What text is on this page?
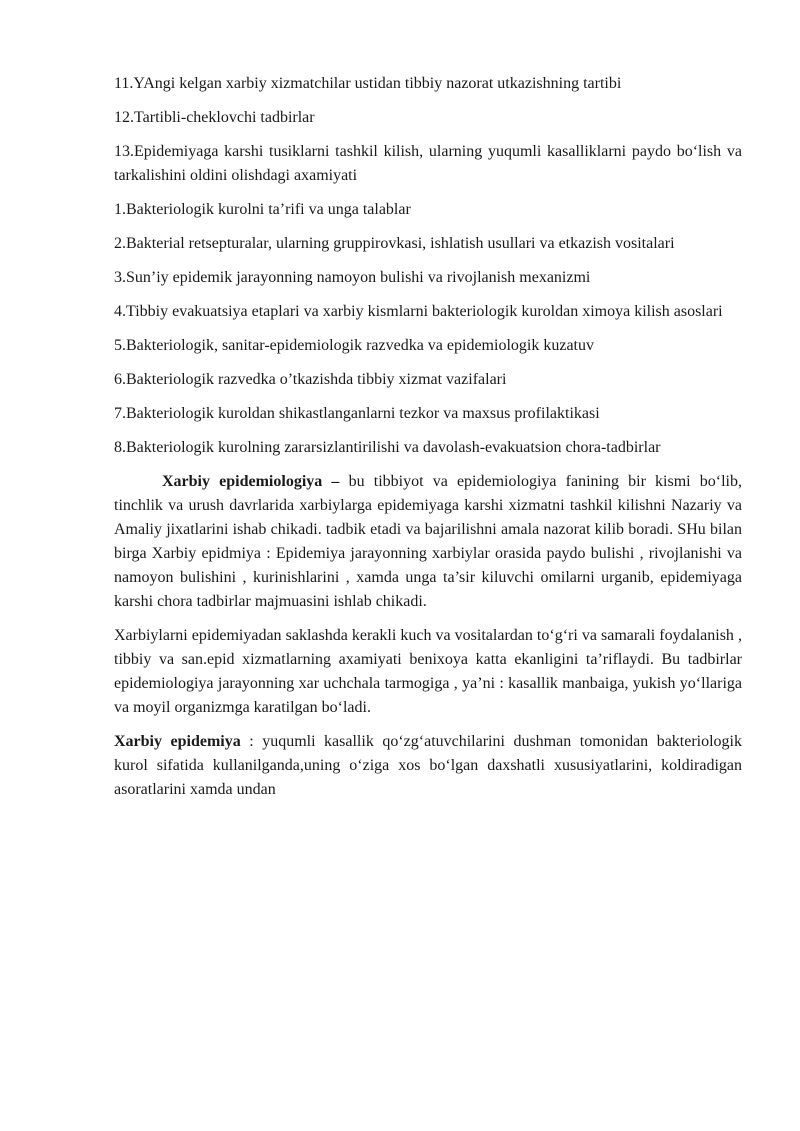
11.YAngi kelgan xarbiy xizmatchilar ustidan tibbiy nazorat utkazishning tartibi

12.Tartibli-cheklovchi tadbirlar

13.Epidemiyaga karshi tusiklarni tashkil kilish, ularning yuqumli kasalliklarni paydo bo‘lish va tarkalishini oldini olishdagi axamiyati

1.Bakteriologik kurolni ta’rifi va unga talablar

2.Bakterial retsepturalar, ularning gruppirovkasi, ishlatish usullari va etkazish vositalari

3.Sun’iy epidemik jarayonning namoyon bulishi va rivojlanish mexanizmi

4.Tibbiy evakuatsiya etaplari va xarbiy kismlarni bakteriologik kuroldan ximoya kilish asoslari

5.Bakteriologik, sanitar-epidemiologik razvedka va epidemiologik kuzatuv

6.Bakteriologik razvedka o’tkazishda tibbiy xizmat vazifalari

7.Bakteriologik kuroldan shikastlanganlarni tezkor va maxsus profilaktikasi

8.Bakteriologik kurolning zararsizlantirilishi va davolash-evakuatsion chora-tadbirlar

Xarbiy epidemiologiya – bu tibbiyot va epidemiologiya fanining bir kismi bo‘lib, tinchlik va urush davrlarida xarbiylarga epidemiyaga karshi xizmatni tashkil kilishni Nazariy va Amaliy jixatlarini ishab chikadi. tadbik etadi va bajarilishni amala nazorat kilib boradi. SHu bilan birga Xarbiy epidmiya : Epidemiya jarayonning xarbiylar orasida paydo bulishi , rivojlanishi va namoyon bulishini , kurinishlarini , xamda unga ta’sir kiluvchi omilarni urganib, epidemiyaga karshi chora tadbirlar majmuasini ishlab chikadi.

Xarbiylarni epidemiyadan saklashda kerakli kuch va vositalardan to‘g‘ri va samarali foydalanish , tibbiy va san.epid xizmatlarning axamiyati benixoya katta ekanligini ta’riflaydi. Bu tadbirlar epidemiologiya jarayonning xar uchchala tarmogiga , ya’ni : kasallik manbaiga, yukish yo‘llariga va moyil organizmga karatilgan bo‘ladi.

Xarbiy epidemiya : yuqumli kasallik qo‘zg‘atuvchilarini dushman tomonidan bakteriologik kurol sifatida kullanilganda,uning o‘ziga xos bo‘lgan daxshatli xususiyatlarini, koldiradigan asoratlarini xamda undan
